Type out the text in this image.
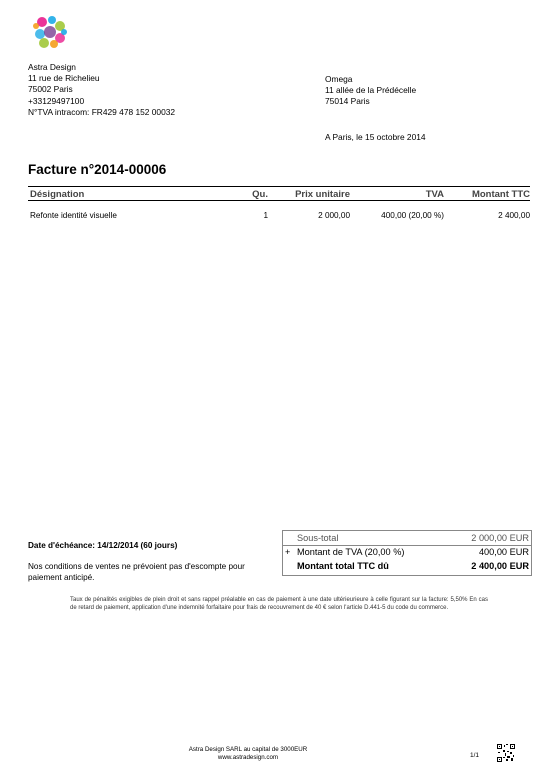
Astra Design
11 rue de Richelieu
75002 Paris
+33129497100
N°TVA intracom: FR429 478 152 00032
Omega
11 allée de la Prédécelle
75014 Paris
A Paris, le 15 octobre 2014
Facture n°2014-00006
Désignation	Qu.	Prix unitaire	TVA	Montant TTC
Refonte identité visuelle	1	2 000,00	400,00 (20,00 %)	2 400,00
Date d'échéance: 14/12/2014 (60 jours)
Nos conditions de ventes ne prévoient pas d'escompte pour paiement anticipé.
Sous-total	2 000,00 EUR
+ Montant de TVA (20,00 %)	400,00 EUR
Montant total TTC dû	2 400,00 EUR
Taux de pénalités exigibles de plein droit et sans rappel préalable en cas de paiement à une date ultérieurieure à celle figurant sur la facture: 5,50% En cas de retard de paiement, application d'une indemnité forfaitaire pour frais de recouvrement de 40 € selon l'article D.441-5 du code du commerce.
Astra Design SARL au capital de 3000EUR
www.astradesign.com	1/1
